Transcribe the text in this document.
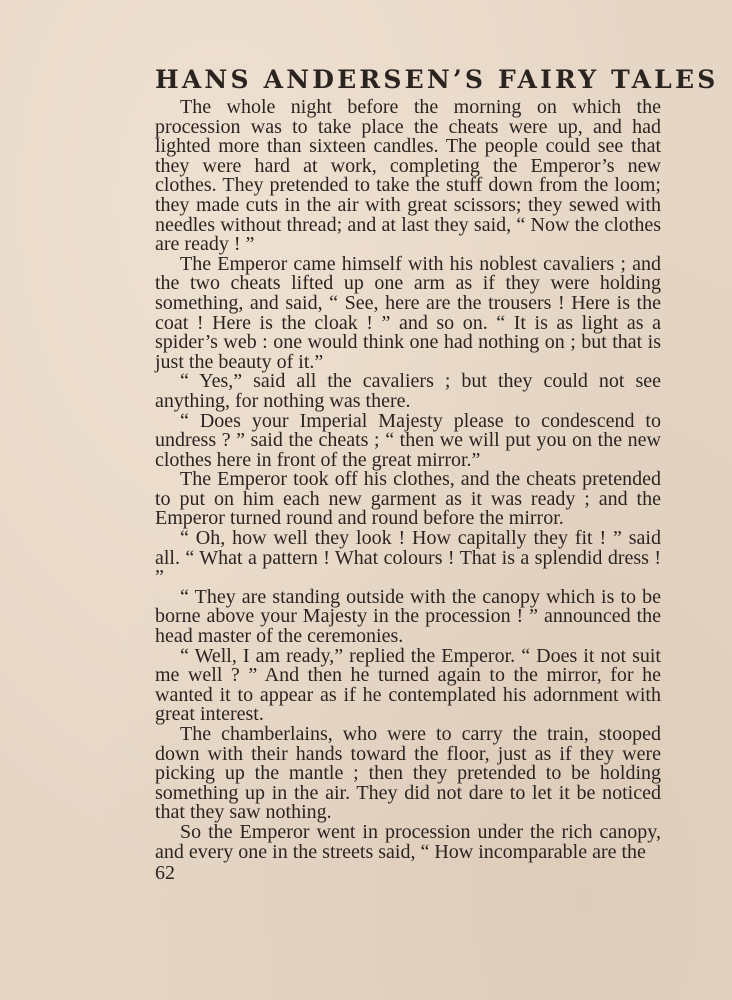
HANS ANDERSEN’S FAIRY TALES

The whole night before the morning on which the procession was to take place the cheats were up, and had lighted more than sixteen candles. The people could see that they were hard at work, completing the Emperor’s new clothes. They pretended to take the stuff down from the loom; they made cuts in the air with great scissors; they sewed with needles without thread; and at last they said, “ Now the clothes are ready ! ”

The Emperor came himself with his noblest cavaliers ; and the two cheats lifted up one arm as if they were holding something, and said, “ See, here are the trousers ! Here is the coat ! Here is the cloak ! ” and so on. “ It is as light as a spider’s web : one would think one had nothing on ; but that is just the beauty of it.”

“ Yes,” said all the cavaliers ; but they could not see anything, for nothing was there.

“ Does your Imperial Majesty please to condescend to undress ? ” said the cheats ; “ then we will put you on the new clothes here in front of the great mirror.”

The Emperor took off his clothes, and the cheats pretended to put on him each new garment as it was ready ; and the Emperor turned round and round before the mirror.

“ Oh, how well they look ! How capitally they fit ! ” said all. “ What a pattern ! What colours ! That is a splendid dress ! ”

“ They are standing outside with the canopy which is to be borne above your Majesty in the procession ! ” announced the head master of the ceremonies.

“ Well, I am ready,” replied the Emperor. “ Does it not suit me well ? ” And then he turned again to the mirror, for he wanted it to appear as if he contemplated his adornment with great interest.

The chamberlains, who were to carry the train, stooped down with their hands toward the floor, just as if they were picking up the mantle ; then they pretended to be holding something up in the air. They did not dare to let it be noticed that they saw nothing.

So the Emperor went in procession under the rich canopy, and every one in the streets said, “ How incomparable are the

62
